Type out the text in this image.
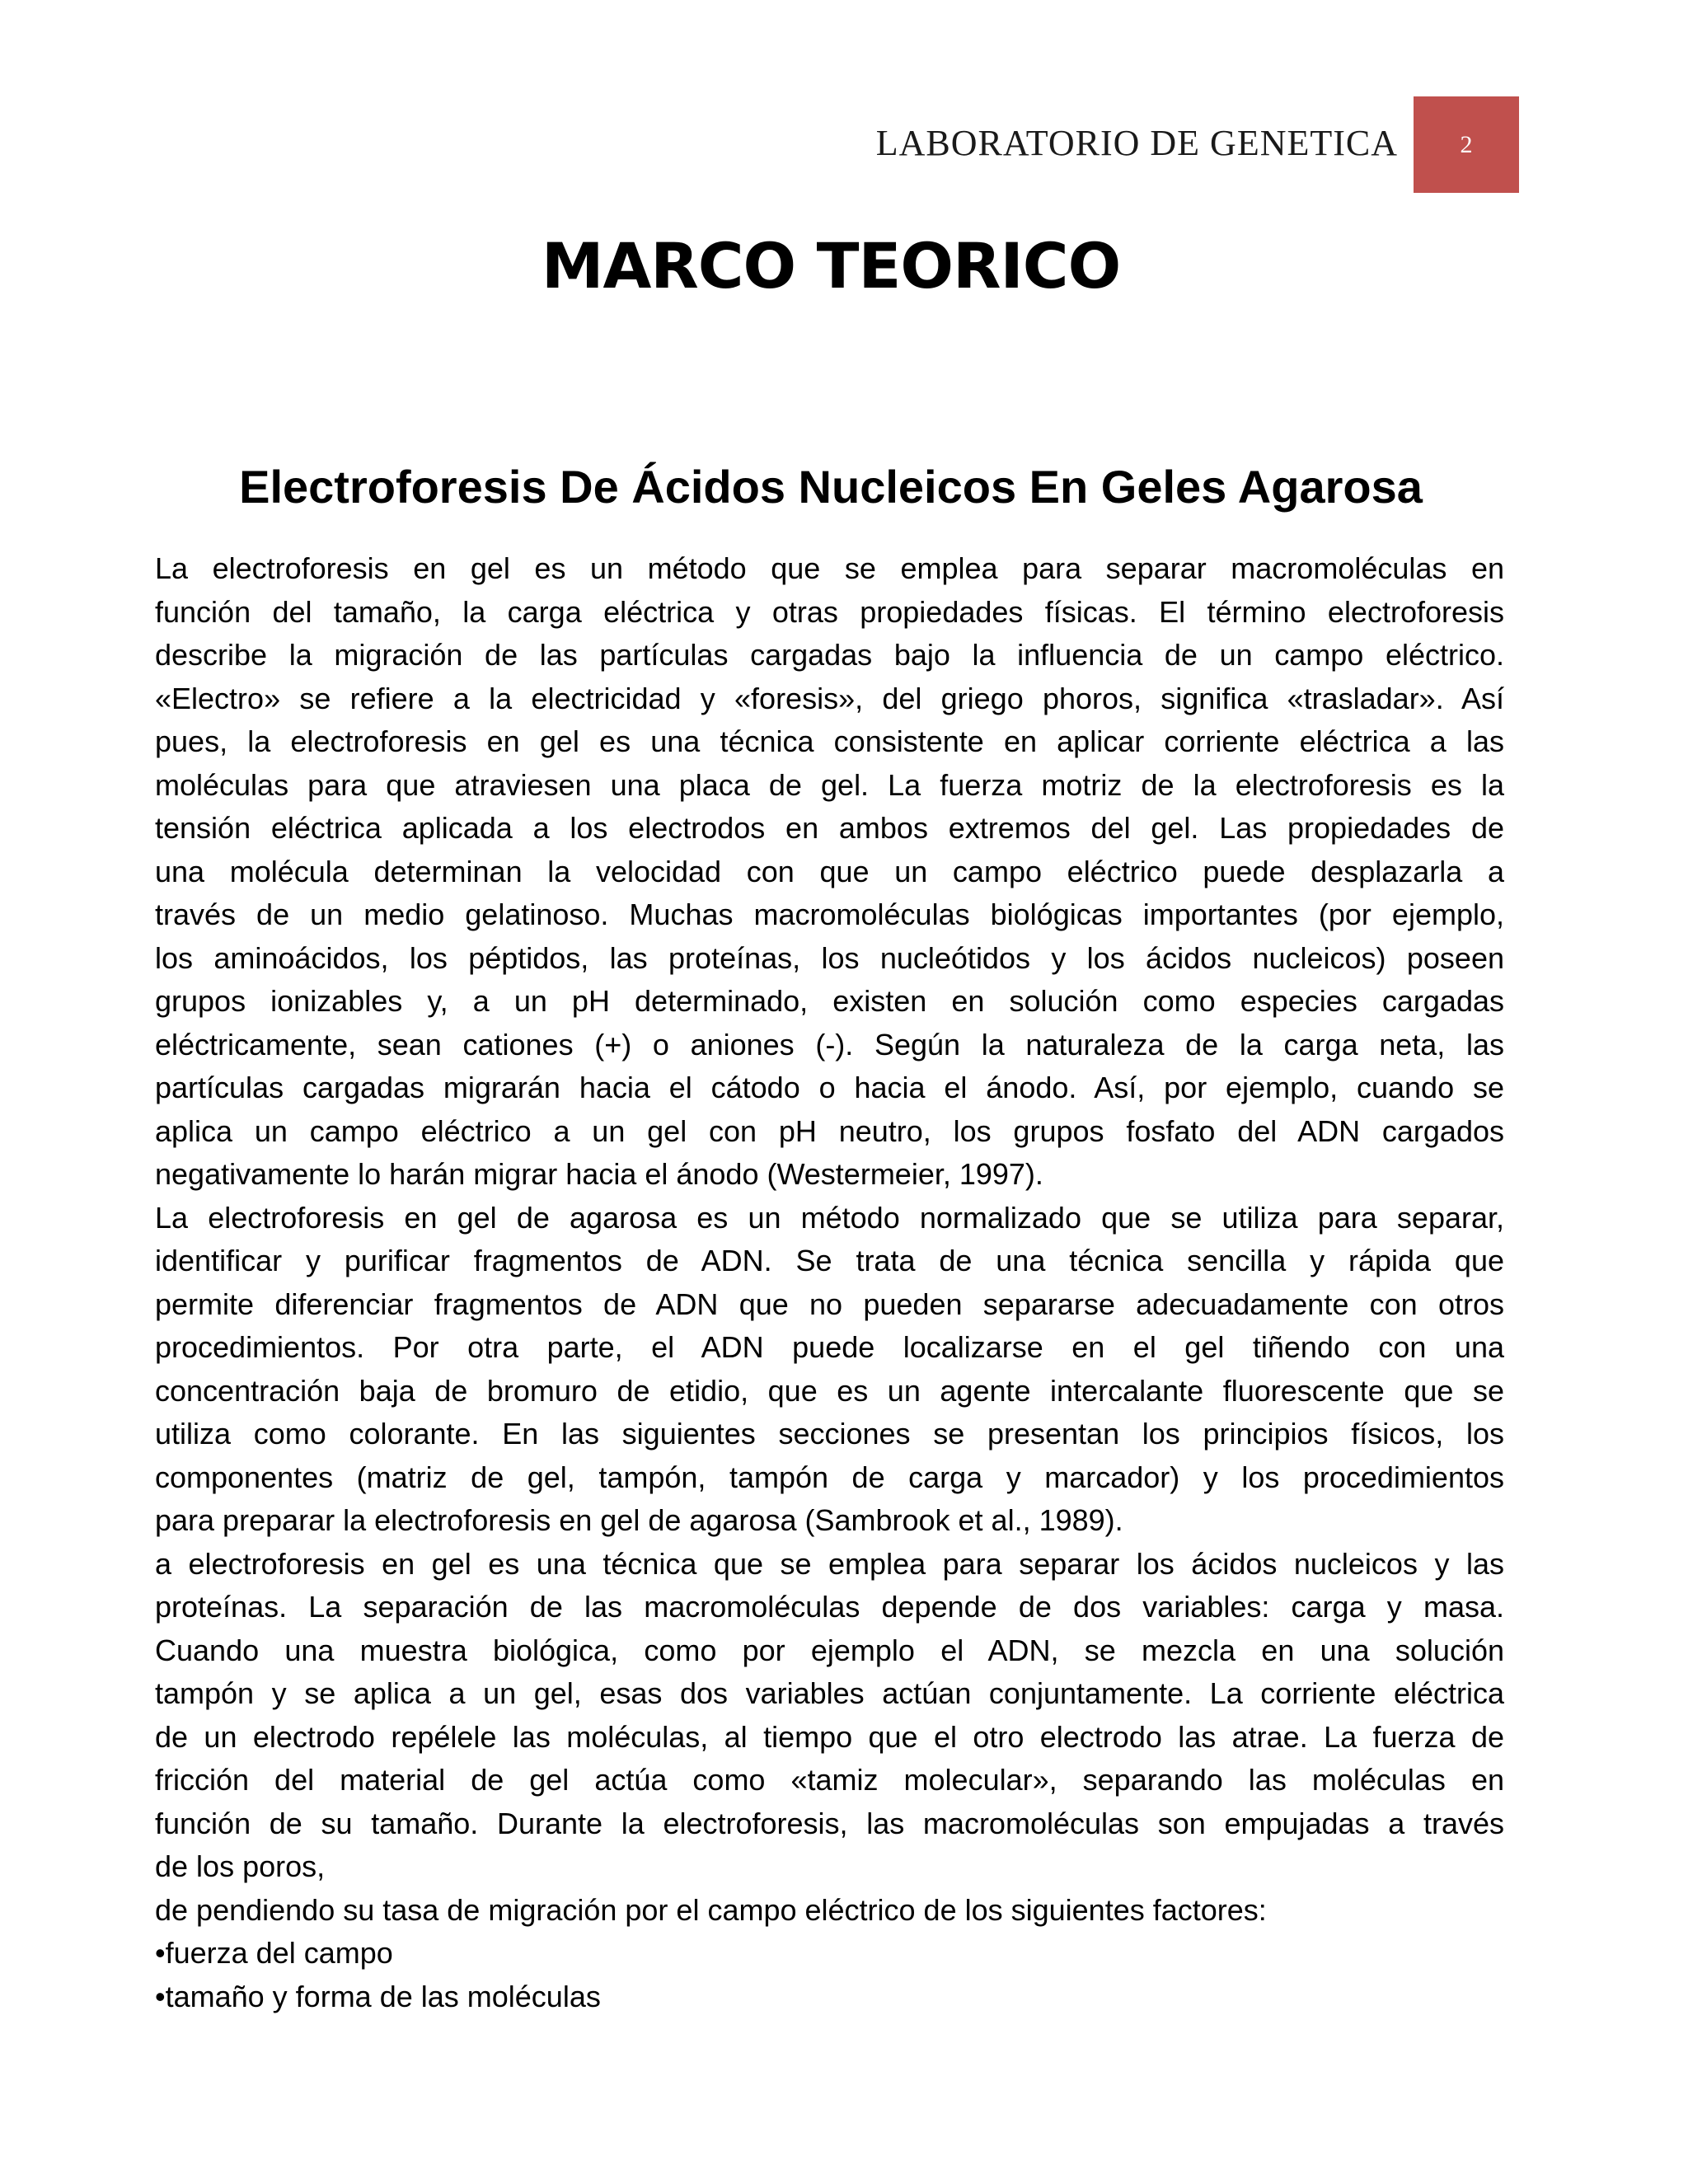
LABORATORIO DE GENETICA	2
MARCO TEORICO
Electroforesis De Ácidos Nucleicos En Geles Agarosa
La electroforesis en gel es un método que se emplea para separar macromoléculas en
función del tamaño, la carga eléctrica y otras propiedades físicas. El término electroforesis
describe la migración de las partículas cargadas bajo la influencia de un campo eléctrico.
«Electro» se refiere a la electricidad y «foresis», del griego phoros, significa «trasladar». Así
pues, la electroforesis en gel es una técnica consistente en aplicar corriente eléctrica a las
moléculas para que atraviesen una placa de gel. La fuerza motriz de la electroforesis es la
tensión eléctrica aplicada a los electrodos en ambos extremos del gel. Las propiedades de
una molécula determinan la velocidad con que un campo eléctrico puede desplazarla a
través de un medio gelatinoso. Muchas macromoléculas biológicas importantes (por ejemplo,
los aminoácidos, los péptidos, las proteínas, los nucleótidos y los ácidos nucleicos) poseen
grupos ionizables y, a un pH determinado, existen en solución como especies cargadas
eléctricamente, sean cationes (+) o aniones (-). Según la naturaleza de la carga neta, las
partículas cargadas migrarán hacia el cátodo o hacia el ánodo. Así, por ejemplo, cuando se
aplica un campo eléctrico a un gel con pH neutro, los grupos fosfato del ADN cargados
negativamente lo harán migrar hacia el ánodo (Westermeier, 1997).
La electroforesis en gel de agarosa es un método normalizado que se utiliza para separar,
identificar y purificar fragmentos de ADN. Se trata de una técnica sencilla y rápida que
permite diferenciar fragmentos de ADN que no pueden separarse adecuadamente con otros
procedimientos. Por otra parte, el ADN puede localizarse en el gel tiñendo con una
concentración baja de bromuro de etidio, que es un agente intercalante fluorescente que se
utiliza como colorante. En las siguientes secciones se presentan los principios físicos, los
componentes (matriz de gel, tampón, tampón de carga y marcador) y los procedimientos
para preparar la electroforesis en gel de agarosa (Sambrook et al., 1989).
a electroforesis en gel es una técnica que se emplea para separar los ácidos nucleicos y las
proteínas. La separación de las macromoléculas depende de dos variables: carga y masa.
Cuando una muestra biológica, como por ejemplo el ADN, se mezcla en una solución
tampón y se aplica a un gel, esas dos variables actúan conjuntamente. La corriente eléctrica
de un electrodo repélele las moléculas, al tiempo que el otro electrodo las atrae. La fuerza de
fricción del material de gel actúa como «tamiz molecular», separando las moléculas en
función de su tamaño. Durante la electroforesis, las macromoléculas son empujadas a través
de los poros,
de pendiendo su tasa de migración por el campo eléctrico de los siguientes factores:
•fuerza del campo
•tamaño y forma de las moléculas
